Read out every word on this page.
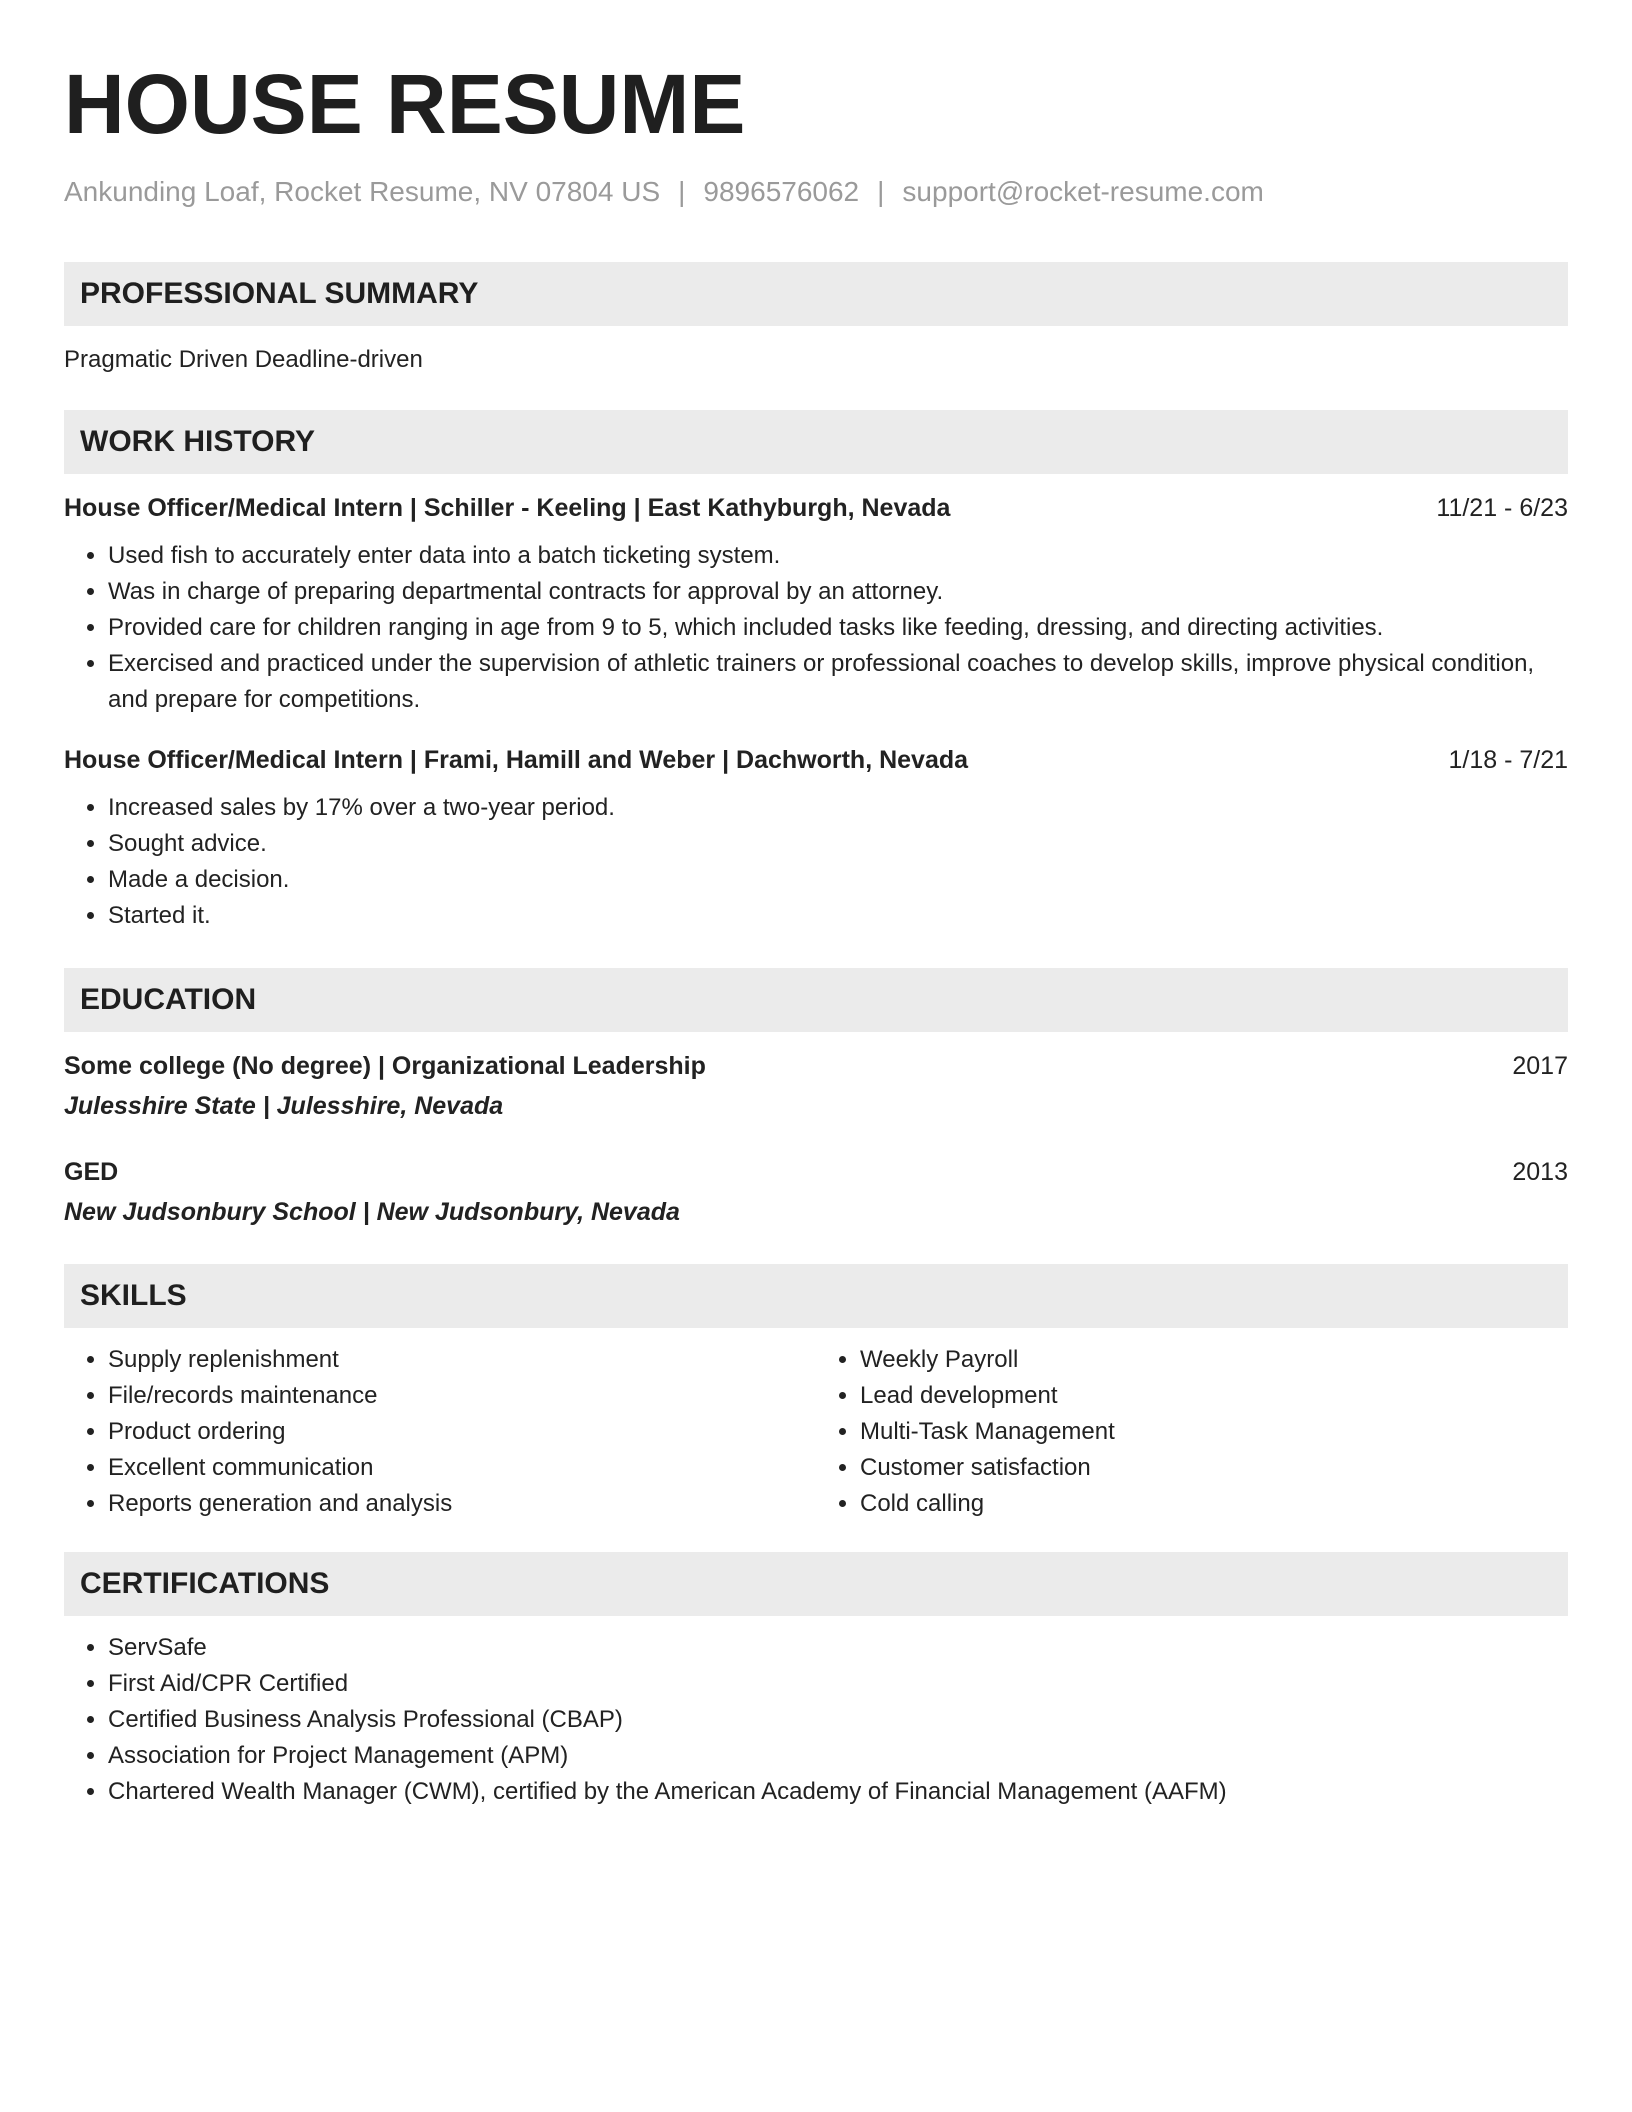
HOUSE RESUME
Ankunding Loaf, Rocket Resume, NV 07804 US | 9896576062 | support@rocket-resume.com
PROFESSIONAL SUMMARY
Pragmatic Driven Deadline-driven
WORK HISTORY
House Officer/Medical Intern | Schiller - Keeling | East Kathyburgh, Nevada	11/21 - 6/23
• Used fish to accurately enter data into a batch ticketing system.
• Was in charge of preparing departmental contracts for approval by an attorney.
• Provided care for children ranging in age from 9 to 5, which included tasks like feeding, dressing, and directing activities.
• Exercised and practiced under the supervision of athletic trainers or professional coaches to develop skills, improve physical condition, and prepare for competitions.
House Officer/Medical Intern | Frami, Hamill and Weber | Dachworth, Nevada	1/18 - 7/21
• Increased sales by 17% over a two-year period.
• Sought advice.
• Made a decision.
• Started it.
EDUCATION
Some college (No degree) | Organizational Leadership	2017
Julesshire State | Julesshire, Nevada
GED	2013
New Judsonbury School | New Judsonbury, Nevada
SKILLS
• Supply replenishment
• File/records maintenance
• Product ordering
• Excellent communication
• Reports generation and analysis
• Weekly Payroll
• Lead development
• Multi-Task Management
• Customer satisfaction
• Cold calling
CERTIFICATIONS
• ServSafe
• First Aid/CPR Certified
• Certified Business Analysis Professional (CBAP)
• Association for Project Management (APM)
• Chartered Wealth Manager (CWM), certified by the American Academy of Financial Management (AAFM)
